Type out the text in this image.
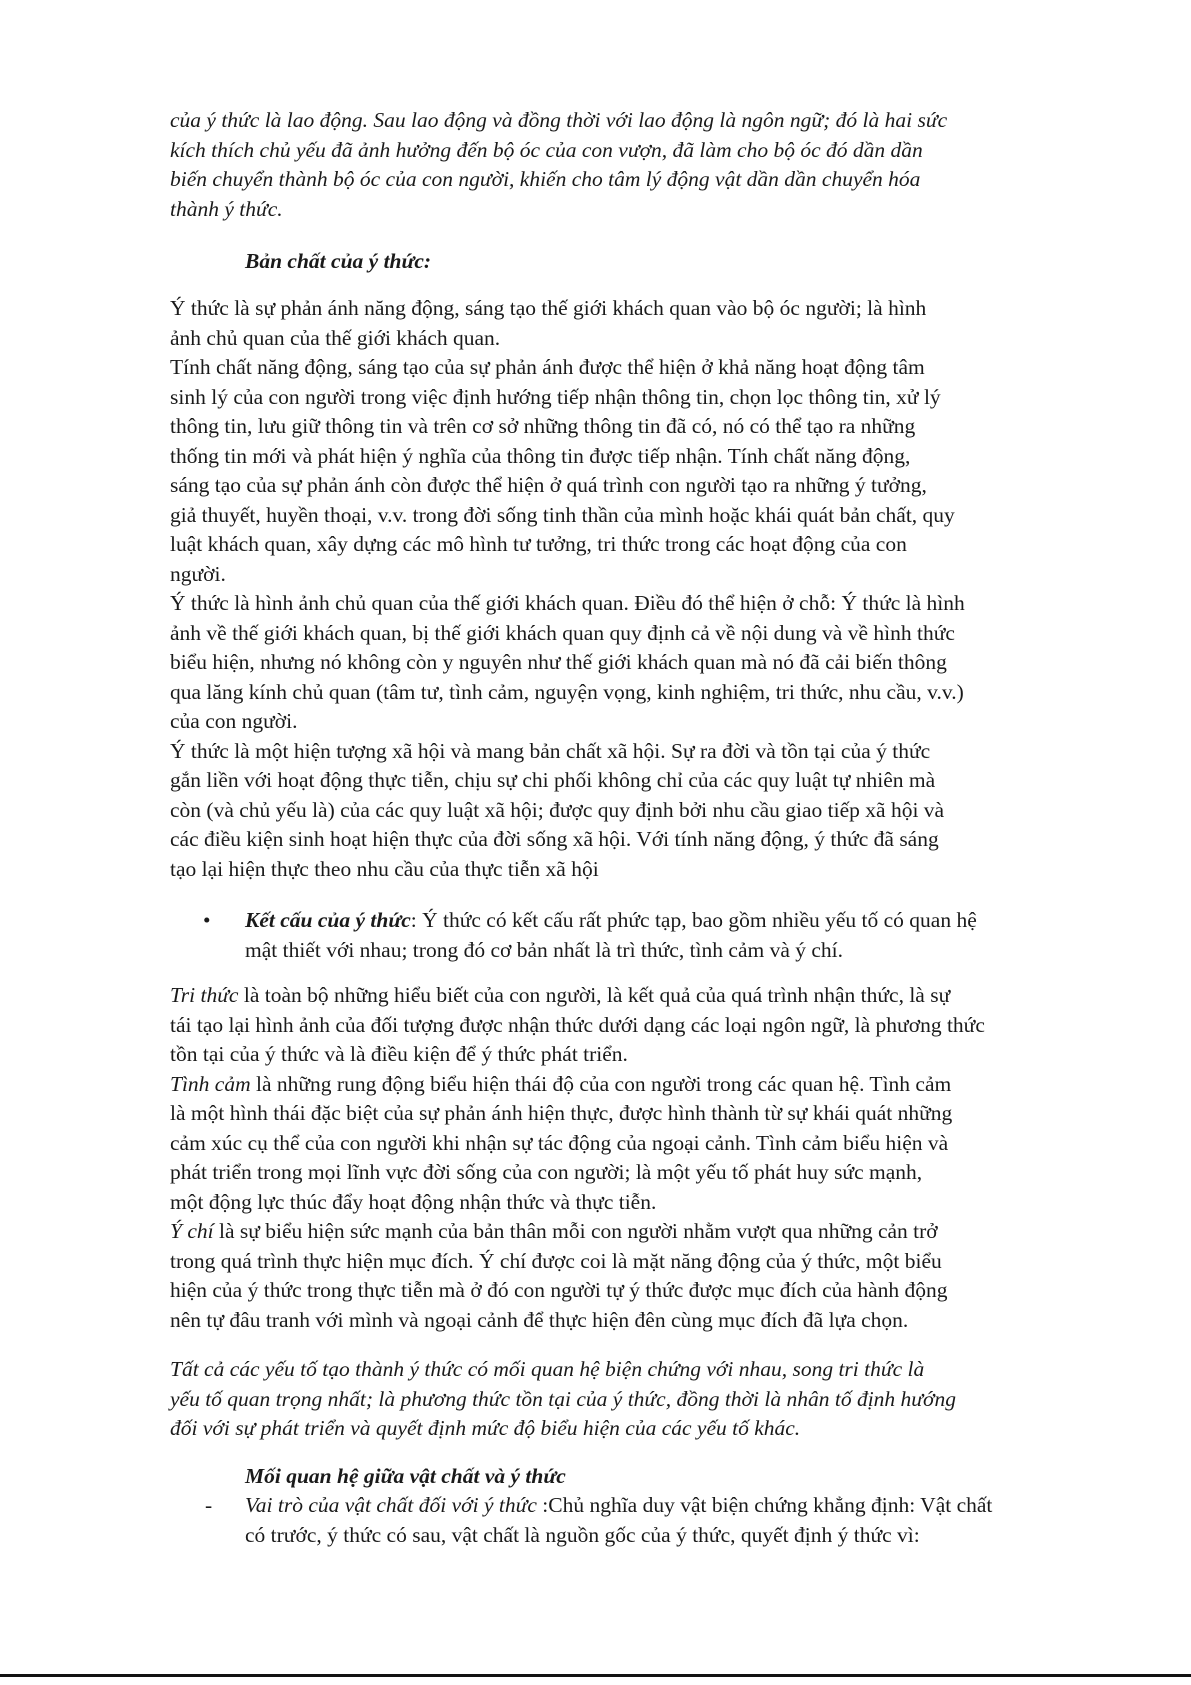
của ý thức là lao động. Sau lao động và đồng thời với lao động là ngôn ngữ; đó là hai sức

kích thích chủ yếu đã ảnh hưởng đến bộ óc của con vượn, đã làm cho bộ óc đó dần dần

biến chuyển thành bộ óc của con người, khiến cho tâm lý động vật dần dần chuyển hóa

thành ý thức.

Bản chất của ý thức:

Ý thức là sự phản ánh năng động, sáng tạo thế giới khách quan vào bộ óc người; là hình

ảnh chủ quan của thế giới khách quan.

Tính chất năng động, sáng tạo của sự phản ánh được thể hiện ở khả năng hoạt động tâm

sinh lý của con người trong việc định hướng tiếp nhận thông tin, chọn lọc thông tin, xử lý

thông tin, lưu giữ thông tin và trên cơ sở những thông tin đã có, nó có thể tạo ra những

thống tin mới và phát hiện ý nghĩa của thông tin được tiếp nhận. Tính chất năng động,

sáng tạo của sự phản ánh còn được thể hiện ở quá trình con người tạo ra những ý tưởng,

giả thuyết, huyền thoại, v.v. trong đời sống tinh thần của mình hoặc khái quát bản chất, quy

luật khách quan, xây dựng các mô hình tư tưởng, tri thức trong các hoạt động của con

người.

Ý thức là hình ảnh chủ quan của thế giới khách quan. Điều đó thể hiện ở chỗ: Ý thức là hình

ảnh về thế giới khách quan, bị thế giới khách quan quy định cả về nội dung và về hình thức

biểu hiện, nhưng nó không còn y nguyên như thế giới khách quan mà nó đã cải biến thông

qua lăng kính chủ quan (tâm tư, tình cảm, nguyện vọng, kinh nghiệm, tri thức, nhu cầu, v.v.)

của con người.

Ý thức là một hiện tượng xã hội và mang bản chất xã hội. Sự ra đời và tồn tại của ý thức

gắn liền với hoạt động thực tiễn, chịu sự chi phối không chỉ của các quy luật tự nhiên mà

còn (và chủ yếu là) của các quy luật xã hội; được quy định bởi nhu cầu giao tiếp xã hội và

các điều kiện sinh hoạt hiện thực của đời sống xã hội. Với tính năng động, ý thức đã sáng

tạo lại hiện thực theo nhu cầu của thực tiễn xã hội

• Kết cấu của ý thức: Ý thức có kết cấu rất phức tạp, bao gồm nhiều yếu tố có quan hệ

mật thiết với nhau; trong đó cơ bản nhất là trì thức, tình cảm và ý chí.

Tri thức là toàn bộ những hiểu biết của con người, là kết quả của quá trình nhận thức, là sự

tái tạo lại hình ảnh của đối tượng được nhận thức dưới dạng các loại ngôn ngữ, là phương thức

tồn tại của ý thức và là điều kiện để ý thức phát triển.

Tình cảm là những rung động biểu hiện thái độ của con người trong các quan hệ. Tình cảm

là một hình thái đặc biệt của sự phản ánh hiện thực, được hình thành từ sự khái quát những

cảm xúc cụ thể của con người khi nhận sự tác động của ngoại cảnh. Tình cảm biểu hiện và

phát triển trong mọi lĩnh vực đời sống của con người; là một yếu tố phát huy sức mạnh,

một động lực thúc đẩy hoạt động nhận thức và thực tiễn.

Ý chí là sự biểu hiện sức mạnh của bản thân mỗi con người nhằm vượt qua những cản trở

trong quá trình thực hiện mục đích. Ý chí được coi là mặt năng động của ý thức, một biểu

hiện của ý thức trong thực tiễn mà ở đó con người tự ý thức được mục đích của hành động

nên tự đâu tranh với mình và ngoại cảnh để thực hiện đên cùng mục đích đã lựa chọn.

Tất cả các yếu tố tạo thành ý thức có mối quan hệ biện chứng với nhau, song tri thức là

yếu tố quan trọng nhất; là phương thức tồn tại của ý thức, đồng thời là nhân tố định hướng

đối với sự phát triển và quyết định mức độ biểu hiện của các yếu tố khác.

Mối quan hệ giữa vật chất và ý thức
- Vai trò của vật chất đối với ý thức :Chủ nghĩa duy vật biện chứng khẳng định: Vật chất

có trước, ý thức có sau, vật chất là nguồn gốc của ý thức, quyết định ý thức vì:
